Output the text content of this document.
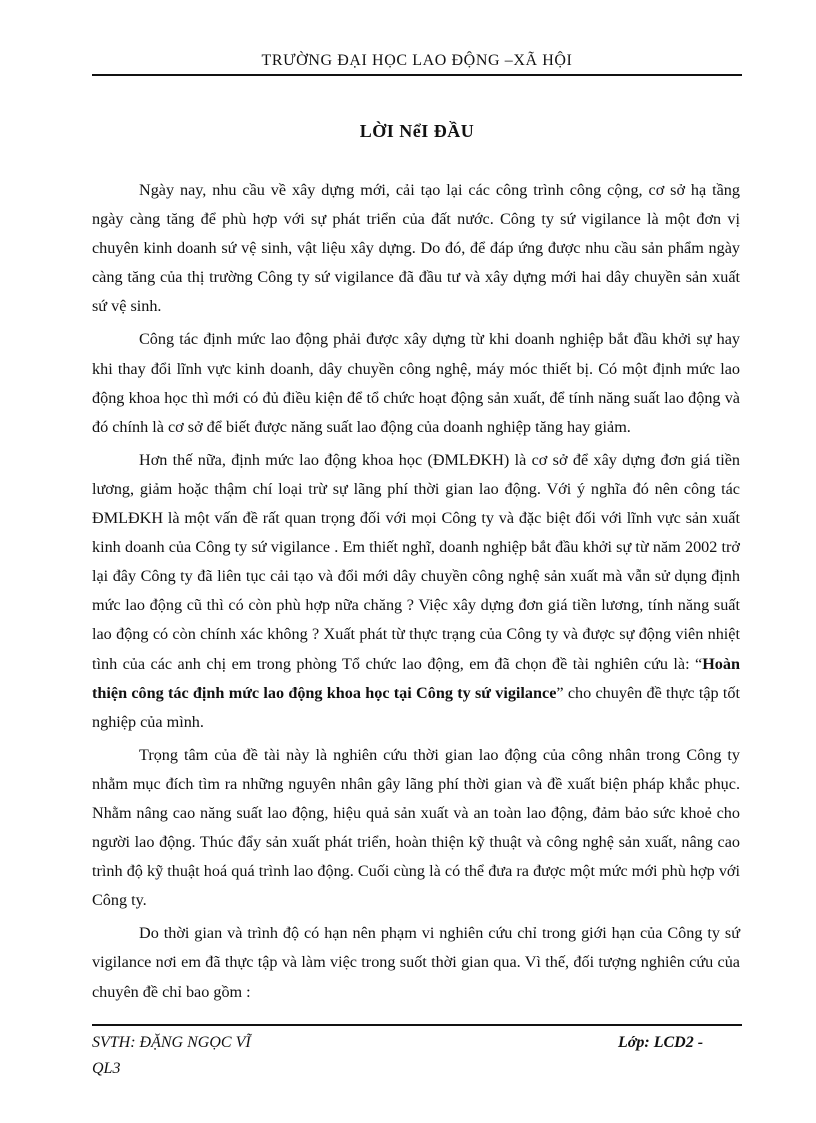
TRƯỜNG ĐẠI HỌC LAO ĐỘNG –XÃ HỘI
LỜI NểI ĐẦU

Ngày nay, nhu cầu về xây dựng mới, cải tạo lại các công trình công cộng, cơ sở hạ tầng ngày càng tăng để phù hợp với sự phát triển của đất nước. Công ty sứ vigilance là một đơn vị chuyên kinh doanh sứ vệ sinh, vật liệu xây dựng. Do đó, để đáp ứng được nhu cầu sản phẩm ngày càng tăng của thị trường Công ty sứ vigilance đã đầu tư và xây dựng mới hai dây chuyền sản xuất sứ vệ sinh.

Công tác định mức lao động phải được xây dựng từ khi doanh nghiệp bắt đầu khởi sự hay khi thay đổi lĩnh vực kinh doanh, dây chuyền công nghệ, máy móc thiết bị. Có một định mức lao động khoa học thì mới có đủ điều kiện để tổ chức hoạt động sản xuất, để tính năng suất lao động và đó chính là cơ sở để biết được năng suất lao động của doanh nghiệp tăng hay giảm.

Hơn thế nữa, định mức lao động khoa học (ĐMLĐKH) là cơ sở để xây dựng đơn giá tiền lương, giảm hoặc thậm chí loại trừ sự lãng phí thời gian lao động. Với ý nghĩa đó nên công tác ĐMLĐKH là một vấn đề rất quan trọng đối với mọi Công ty và đặc biệt đối với lĩnh vực sản xuất kinh doanh của Công ty sứ vigilance . Em thiết nghĩ, doanh nghiệp bắt đầu khởi sự từ năm 2002 trở lại đây Công ty đã liên tục cải tạo và đổi mới dây chuyền công nghệ sản xuất mà vẫn sử dụng định mức lao động cũ thì có còn phù hợp nữa chăng ? Việc xây dựng đơn giá tiền lương, tính năng suất lao động có còn chính xác không ? Xuất phát từ thực trạng của Công ty và được sự động viên nhiệt tình của các anh chị em trong phòng Tổ chức lao động, em đã chọn đề tài nghiên cứu là: “Hoàn thiện công tác định mức lao động khoa học tại Công ty sứ vigilance” cho chuyên đề thực tập tốt nghiệp của mình.

Trọng tâm của đề tài này là nghiên cứu thời gian lao động của công nhân trong Công ty nhằm mục đích tìm ra những nguyên nhân gây lãng phí thời gian và đề xuất biện pháp khắc phục. Nhằm nâng cao năng suất lao động, hiệu quả sản xuất và an toàn lao động, đảm bảo sức khoẻ cho người lao động. Thúc đẩy sản xuất phát triển, hoàn thiện kỹ thuật và công nghệ sản xuất, nâng cao trình độ kỹ thuật hoá quá trình lao động. Cuối cùng là có thể đưa ra được một mức mới phù hợp với Công ty.

Do thời gian và trình độ có hạn nên phạm vi nghiên cứu chỉ trong giới hạn của Công ty sứ vigilance nơi em đã thực tập và làm việc trong suốt thời gian qua. Vì thế, đối tượng nghiên cứu của chuyên đề chỉ bao gồm :

SVTH: ĐẶNG NGỌC VĨ
QL3
Lớp: LCD2 -
